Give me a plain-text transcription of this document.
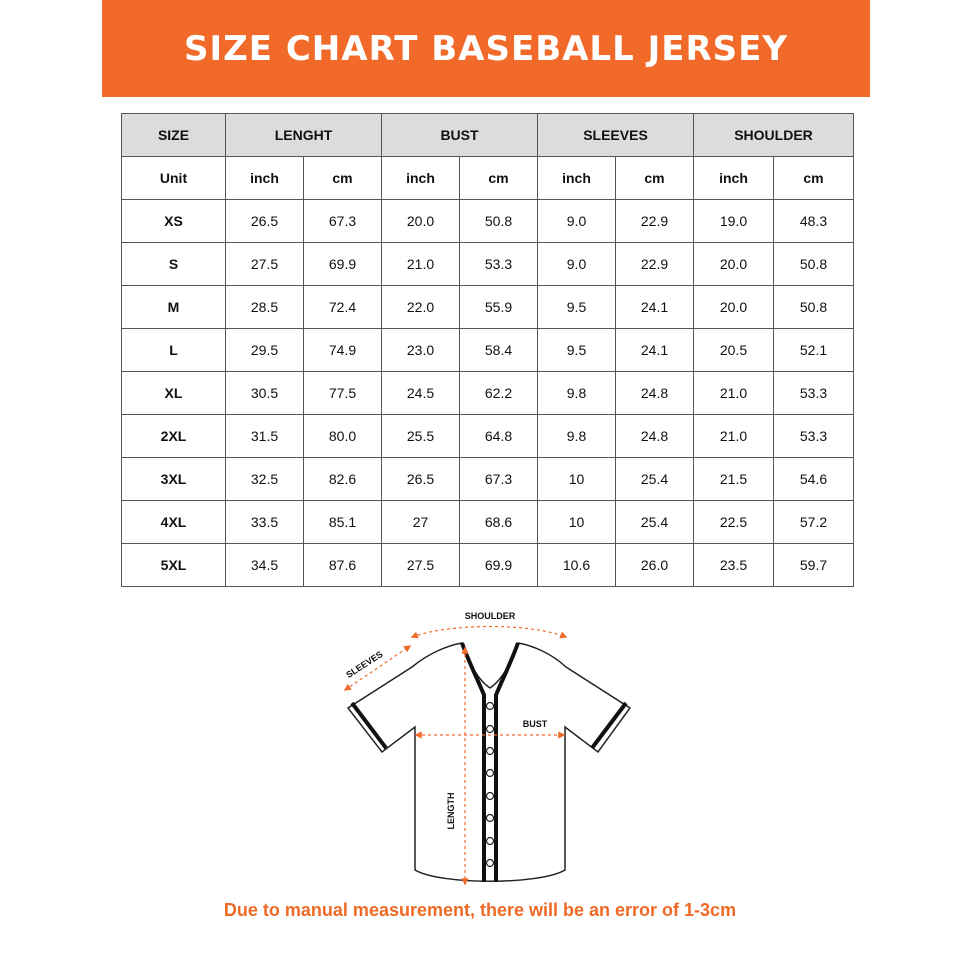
SIZE CHART BASEBALL JERSEY
SIZE	LENGHT		BUST		SLEEVES		SHOULDER	
Unit	inch	cm	inch	cm	inch	cm	inch	cm
XS	26.5	67.3	20.0	50.8	9.0	22.9	19.0	48.3
S	27.5	69.9	21.0	53.3	9.0	22.9	20.0	50.8
M	28.5	72.4	22.0	55.9	9.5	24.1	20.0	50.8
L	29.5	74.9	23.0	58.4	9.5	24.1	20.5	52.1
XL	30.5	77.5	24.5	62.2	9.8	24.8	21.0	53.3
2XL	31.5	80.0	25.5	64.8	9.8	24.8	21.0	53.3
3XL	32.5	82.6	26.5	67.3	10	25.4	21.5	54.6
4XL	33.5	85.1	27	68.6	10	25.4	22.5	57.2
5XL	34.5	87.6	27.5	69.9	10.6	26.0	23.5	59.7
SHOULDER
SLEEVES
BUST
LENGTH
Due to manual measurement, there will be an error of 1-3cm
